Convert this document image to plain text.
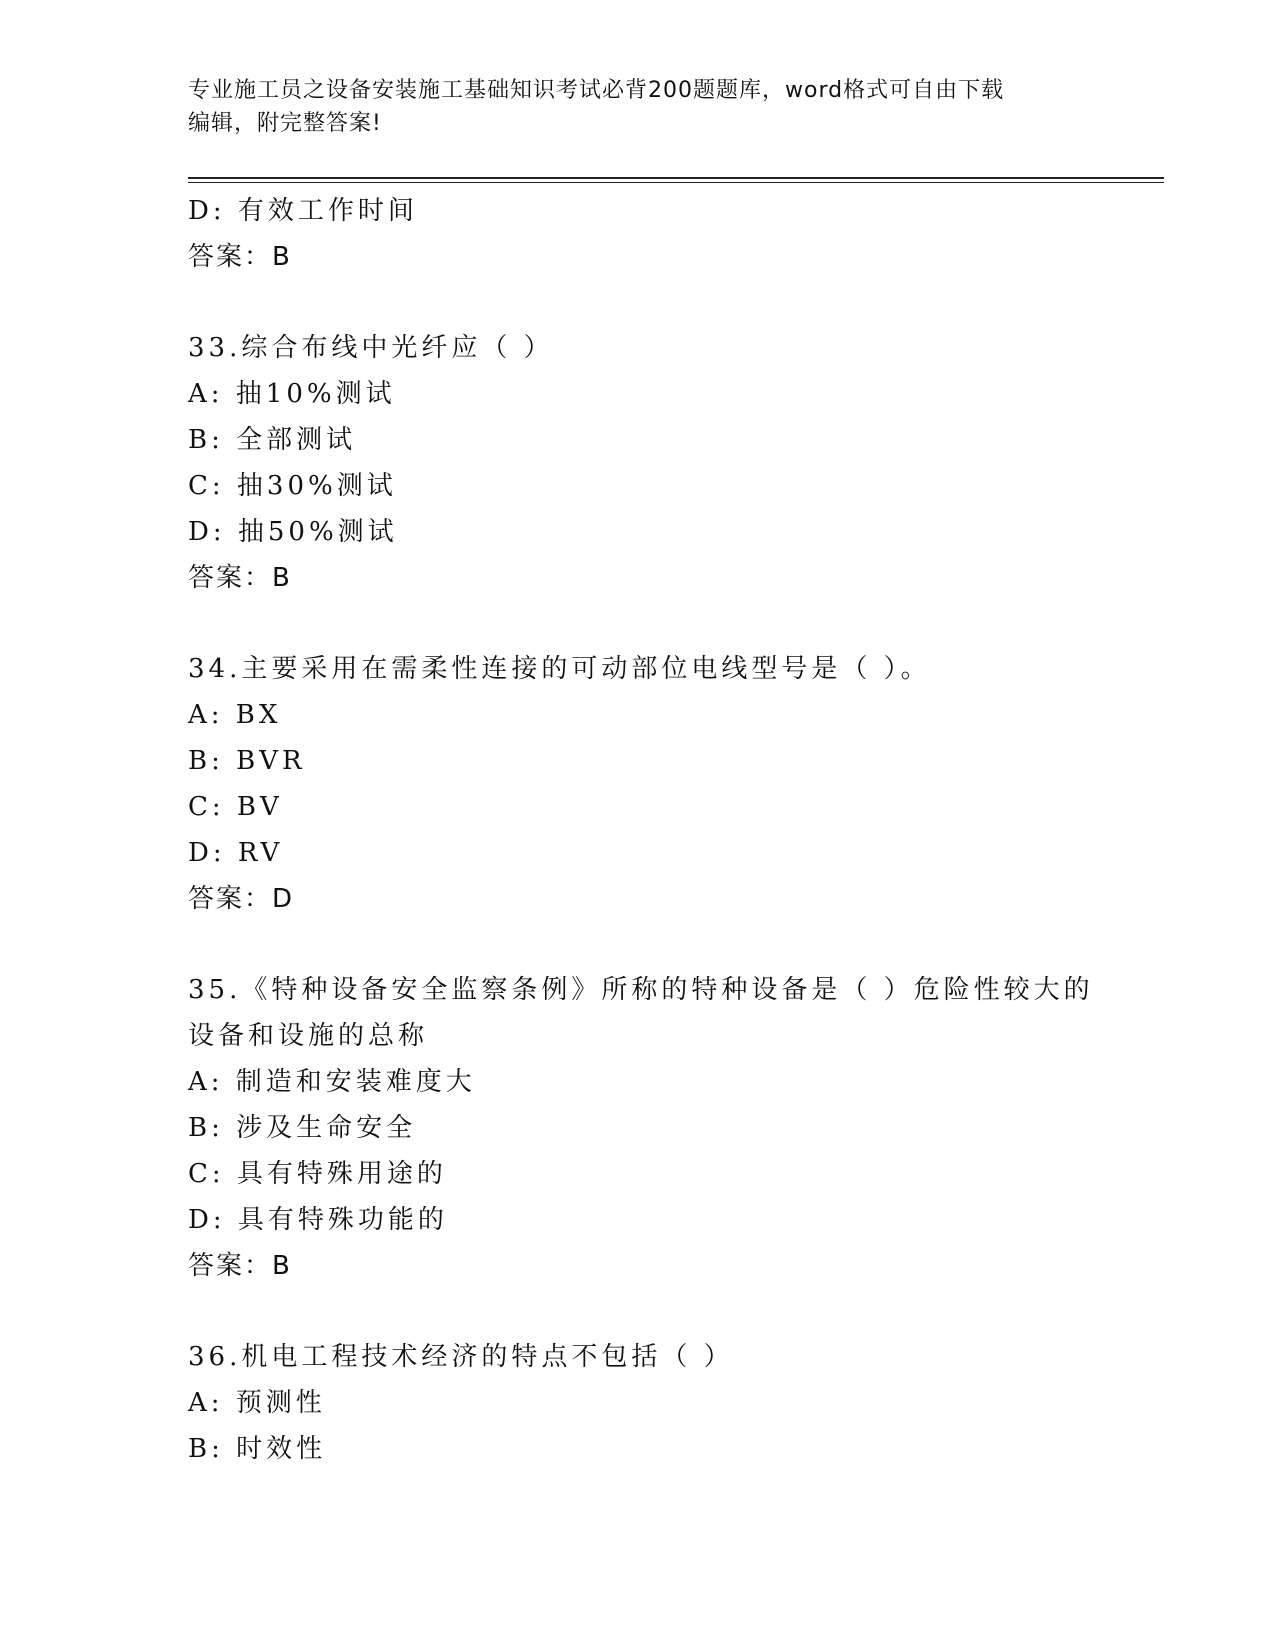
专业施工员之设备安装施工基础知识考试必背200题题库，word格式可自由下载
编辑，附完整答案!
D: 有效工作时间
答案：B
33.综合布线中光纤应（ ）
A: 抽10%测试
B: 全部测试
C: 抽30%测试
D: 抽50%测试
答案：B
34.主要采用在需柔性连接的可动部位电线型号是（ ）。
A: BX
B: BVR
C: BV
D: RV
答案：D
35.《特种设备安全监察条例》所称的特种设备是（ ）危险性较大的
设备和设施的总称
A: 制造和安装难度大
B: 涉及生命安全
C: 具有特殊用途的
D: 具有特殊功能的
答案：B
36.机电工程技术经济的特点不包括（ ）
A: 预测性
B: 时效性
